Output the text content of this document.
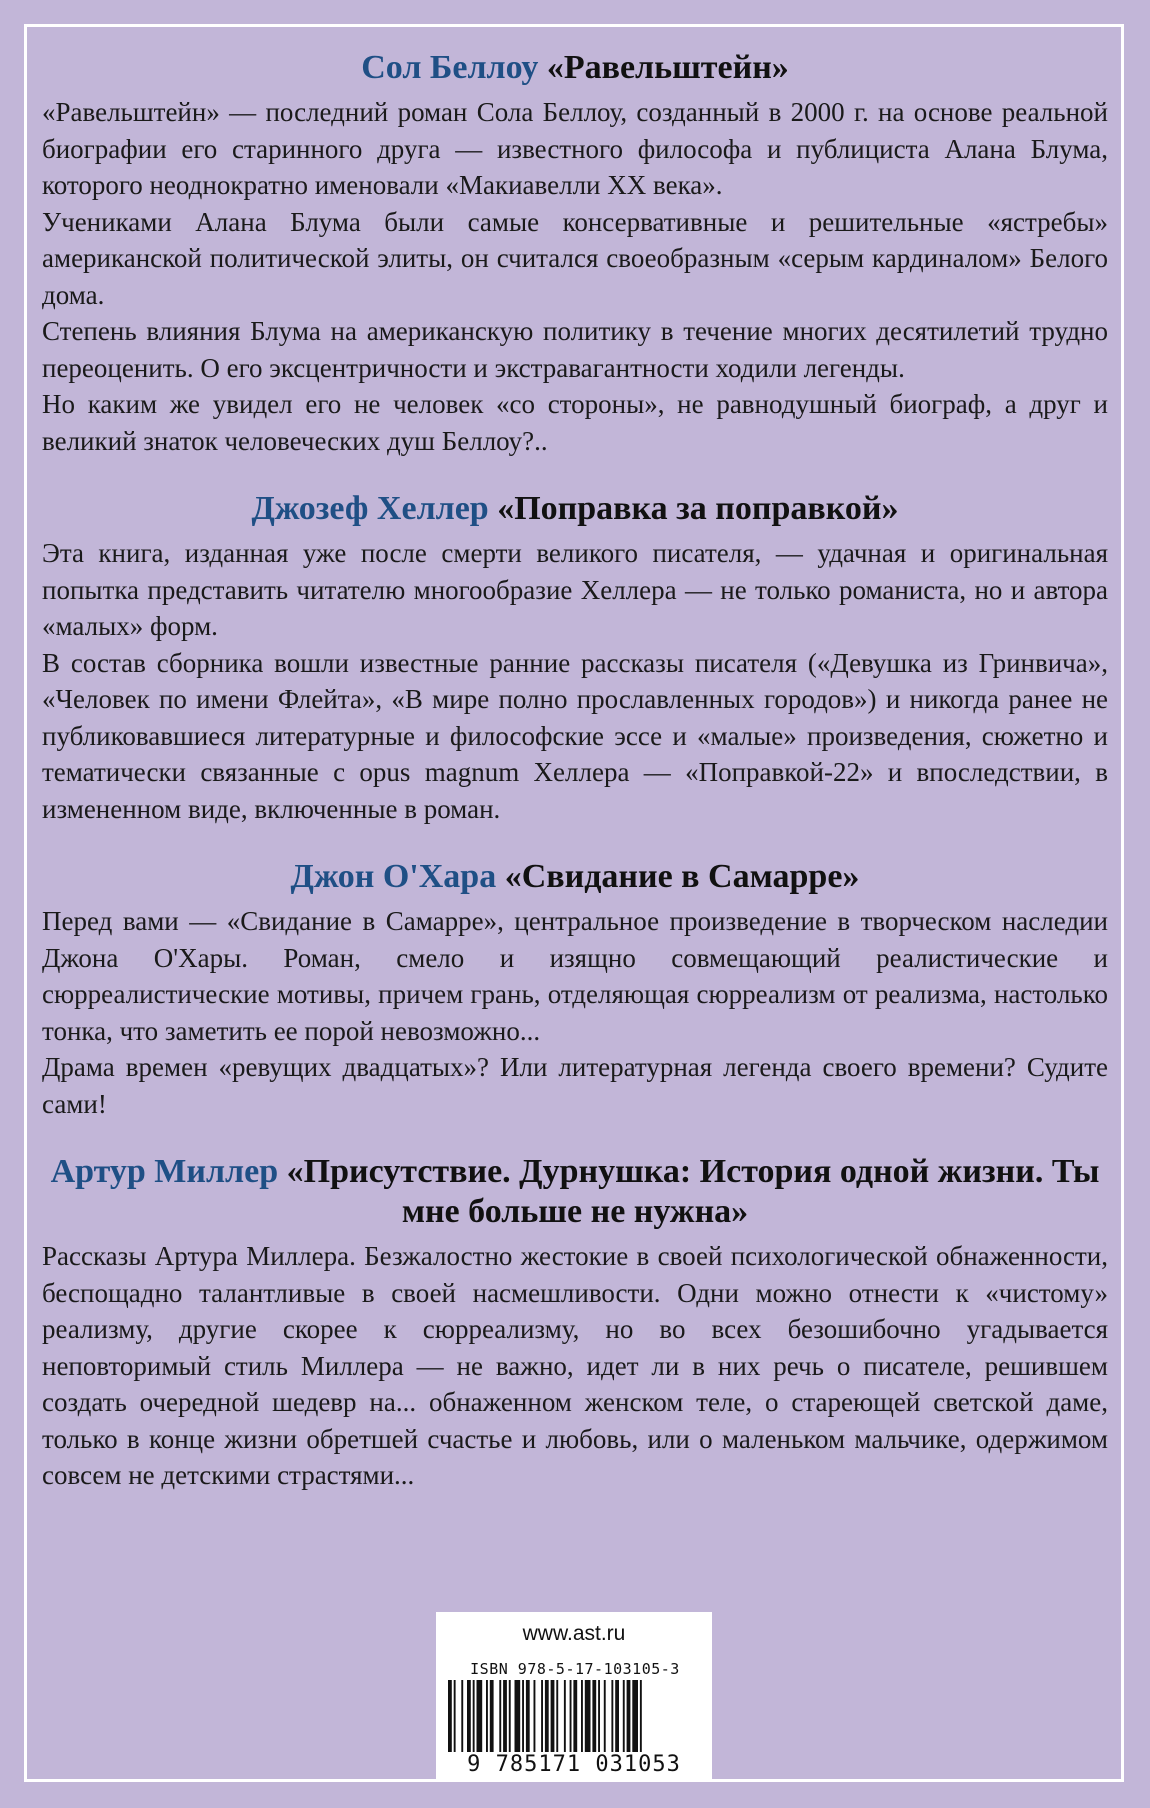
Сол Беллоу «Равельштейн»

«Равельштейн» — последний роман Сола Беллоу, созданный в 2000 г. на основе реальной биографии его старинного друга — известного философа и публициста Алана Блума, которого неоднократно именовали «Макиавелли XX века».

Учениками Алана Блума были самые консервативные и решительные «ястребы» американской политической элиты, он считался своеобразным «серым кардиналом» Белого дома.

Степень влияния Блума на американскую политику в течение многих десятилетий трудно переоценить. О его эксцентричности и экстравагантности ходили легенды.

Но каким же увидел его не человек «со стороны», не равнодушный биограф, а друг и великий знаток человеческих душ Беллоу?..

Джозеф Хеллер «Поправка за поправкой»

Эта книга, изданная уже после смерти великого писателя, — удачная и оригинальная попытка представить читателю многообразие Хеллера — не только романиста, но и автора «малых» форм.

В состав сборника вошли известные ранние рассказы писателя («Девушка из Гринвича», «Человек по имени Флейта», «В мире полно прославленных городов») и никогда ранее не публиковавшиеся литературные и философские эссе и «малые» произведения, сюжетно и тематически связанные с opus magnum Хеллера — «Поправкой-22» и впоследствии, в измененном виде, включенные в роман.

Джон О'Хара «Свидание в Самарре»

Перед вами — «Свидание в Самарре», центральное произведение в творческом наследии Джона О'Хары. Роман, смело и изящно совмещающий реалистические и сюрреалистические мотивы, причем грань, отделяющая сюрреализм от реализма, настолько тонка, что заметить ее порой невозможно...

Драма времен «ревущих двадцатых»? Или литературная легенда своего времени? Судите сами!

Артур Миллер «Присутствие. Дурнушка: История одной жизни. Ты мне больше не нужна»

Рассказы Артура Миллера. Безжалостно жестокие в своей психологической обнаженности, беспощадно талантливые в своей насмешливости. Одни можно отнести к «чистому» реализму, другие скорее к сюрреализму, но во всех безошибочно угадывается неповторимый стиль Миллера — не важно, идет ли в них речь о писателе, решившем создать очередной шедевр на... обнаженном женском теле, о стареющей светской даме, только в конце жизни обретшей счастье и любовь, или о маленьком мальчике, одержимом совсем не детскими страстями...

www.ast.ru
ISBN 978-5-17-103105-3
9 785171 031053
